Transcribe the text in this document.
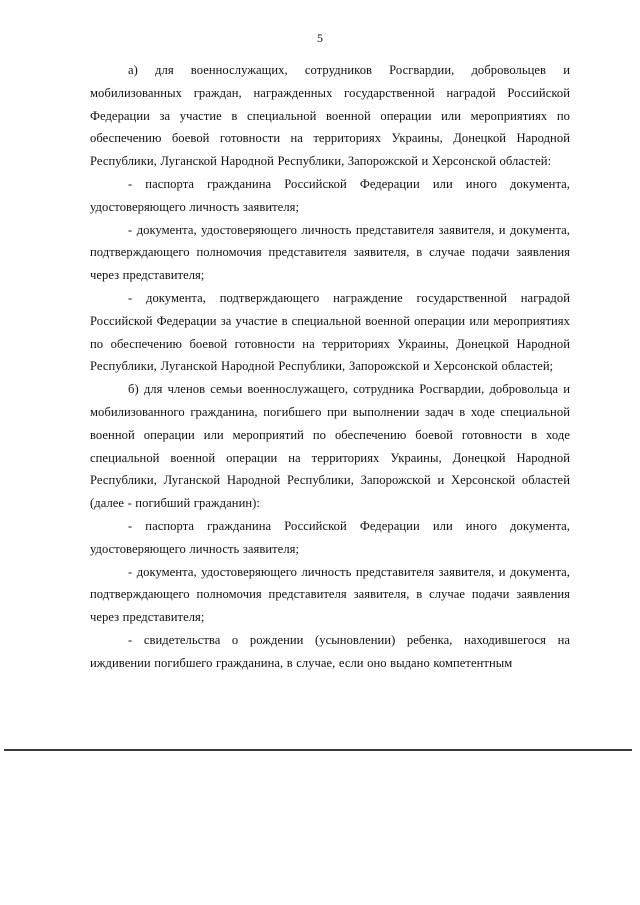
5

а) для военнослужащих, сотрудников Росгвардии, добровольцев и мобилизованных граждан, награжденных государственной наградой Российской Федерации за участие в специальной военной операции или мероприятиях по обеспечению боевой готовности на территориях Украины, Донецкой Народной Республики, Луганской Народной Республики, Запорожской и Херсонской областей:

- паспорта гражданина Российской Федерации или иного документа, удостоверяющего личность заявителя;

- документа, удостоверяющего личность представителя заявителя, и документа, подтверждающего полномочия представителя заявителя, в случае подачи заявления через представителя;

- документа, подтверждающего награждение государственной наградой Российской Федерации за участие в специальной военной операции или мероприятиях по обеспечению боевой готовности на территориях Украины, Донецкой Народной Республики, Луганской Народной Республики, Запорожской и Херсонской областей;

б) для членов семьи военнослужащего, сотрудника Росгвардии, добровольца и мобилизованного гражданина, погибшего при выполнении задач в ходе специальной военной операции или мероприятий по обеспечению боевой готовности в ходе специальной военной операции на территориях Украины, Донецкой Народной Республики, Луганской Народной Республики, Запорожской и Херсонской областей (далее - погибший гражданин):

- паспорта гражданина Российской Федерации или иного документа, удостоверяющего личность заявителя;

- документа, удостоверяющего личность представителя заявителя, и документа, подтверждающего полномочия представителя заявителя, в случае подачи заявления через представителя;

- свидетельства о рождении (усыновлении) ребенка, находившегося на иждивении погибшего гражданина, в случае, если оно выдано компетентным
